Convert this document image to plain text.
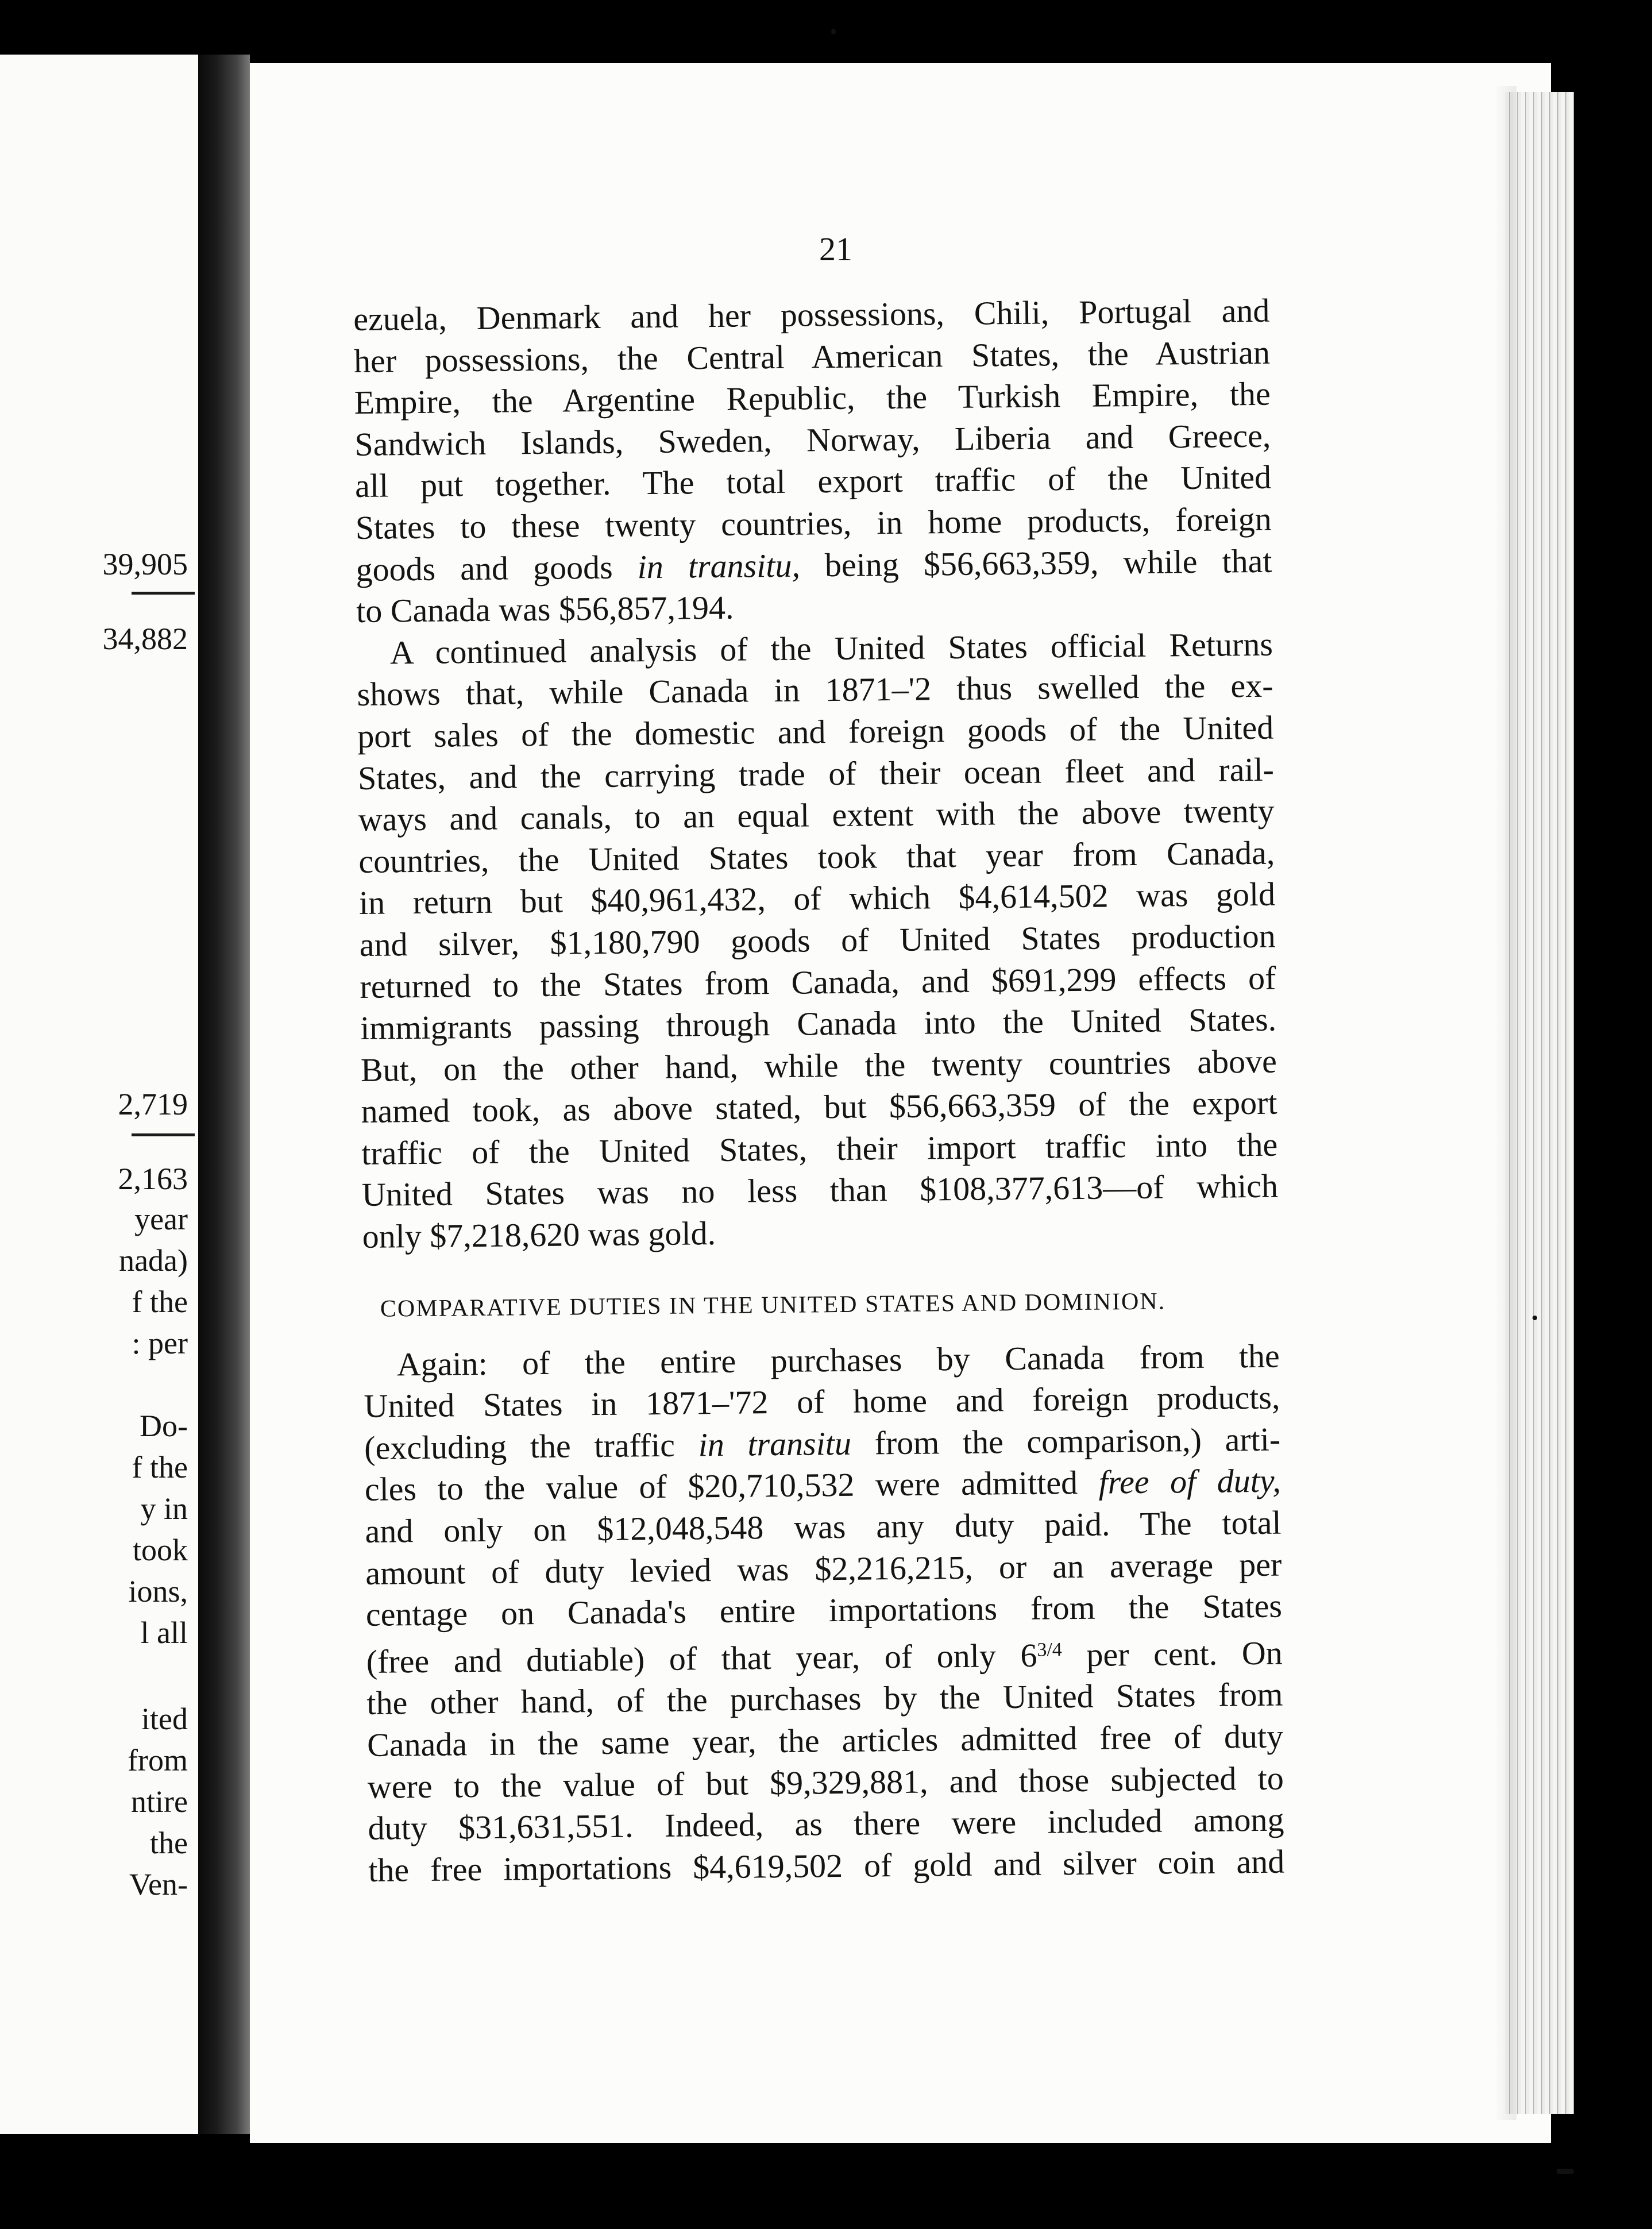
39,905
34,882
2,719
2,163
year
nada)
f the
: per
Do-
f the
y in
took
ions,
l all
ited
from
ntire
the
Ven-
21

ezuela, Denmark and her possessions, Chili, Portugal and
her possessions, the Central American States, the Austrian
Empire, the Argentine Republic, the Turkish Empire, the
Sandwich Islands, Sweden, Norway, Liberia and Greece,
all put together. The total export traffic of the United
States to these twenty countries, in home products, foreign
goods and goods in transitu, being $56,663,359, while that
to Canada was $56,857,194.

A continued analysis of the United States official Returns
shows that, while Canada in 1871–'2 thus swelled the ex-
port sales of the domestic and foreign goods of the United
States, and the carrying trade of their ocean fleet and rail-
ways and canals, to an equal extent with the above twenty
countries, the United States took that year from Canada,
in return but $40,961,432, of which $4,614,502 was gold
and silver, $1,180,790 goods of United States production
returned to the States from Canada, and $691,299 effects of
immigrants passing through Canada into the United States.
But, on the other hand, while the twenty countries above
named took, as above stated, but $56,663,359 of the export
traffic of the United States, their import traffic into the
United States was no less than $108,377,613—of which
only $7,218,620 was gold.

COMPARATIVE DUTIES IN THE UNITED STATES AND DOMINION.

Again: of the entire purchases by Canada from the
United States in 1871–'72 of home and foreign products,
(excluding the traffic in transitu from the comparison,) arti-
cles to the value of $20,710,532 were admitted free of duty,
and only on $12,048,548 was any duty paid. The total
amount of duty levied was $2,216,215, or an average per
centage on Canada's entire importations from the States
(free and dutiable) of that year, of only $6^{3/4}$ per cent. On
the other hand, of the purchases by the United States from
Canada in the same year, the articles admitted free of duty
were to the value of but $9,329,881, and those subjected to
duty $31,631,551. Indeed, as there were included among
the free importations $4,619,502 of gold and silver coin and
